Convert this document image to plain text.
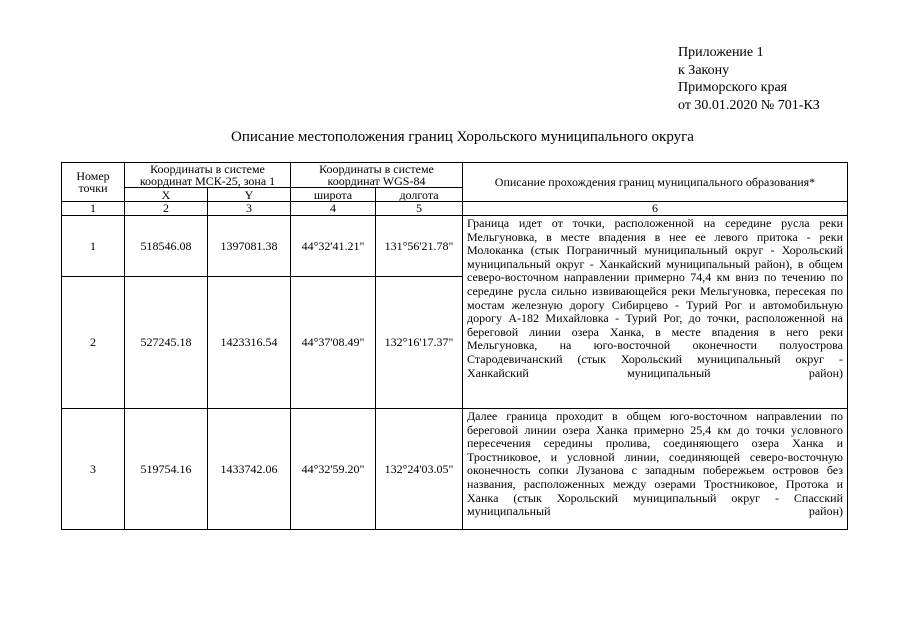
Приложение 1
к Закону
Приморского края
от 30.01.2020 № 701-КЗ
Описание местоположения границ Хорольского муниципального округа
Номер точки	Координаты в системе координат МСК-25, зона 1		Координаты в системе координат WGS-84		Описание прохождения границ муниципального образования*
	X	Y	широта	долгота	
1	2	3	4	5	6
1	518546.08	1397081.38	44°32'41.21"	131°56'21.78"	Граница идет от точки, расположенной на середине русла реки Мельгуновка, в месте впадения в нее ее левого притока - реки Молоканка (стык Пограничный муниципальный округ - Хорольский муниципальный округ - Ханкайский муниципальный район), в общем северо-восточном направлении примерно 74,4 км вниз по течению по середине русла сильно извивающейся реки Мельгуновка, пересекая по мостам железную дорогу Сибирцево - Турий Рог и автомобильную дорогу А-182 Михайловка - Турий Рог, до точки, расположенной на береговой линии озера Ханка, в месте впадения в него реки Мельгуновка, на юго-восточной оконечности полуострова Стародевичанский (стык Хорольский муниципальный округ - Ханкайский муниципальный район)
2	527245.18	1423316.54	44°37'08.49"	132°16'17.37"	
3	519754.16	1433742.06	44°32'59.20"	132°24'03.05"	Далее граница проходит в общем юго-восточном направлении по береговой линии озера Ханка примерно 25,4 км до точки условного пересечения середины пролива, соединяющего озера Ханка и Тростниковое, и условной линии, соединяющей северо-восточную оконечность сопки Лузанова с западным побережьем островов без названия, расположенных между озерами Тростниковое, Протока и Ханка (стык Хорольский муниципальный округ - Спасский муниципальный район)
